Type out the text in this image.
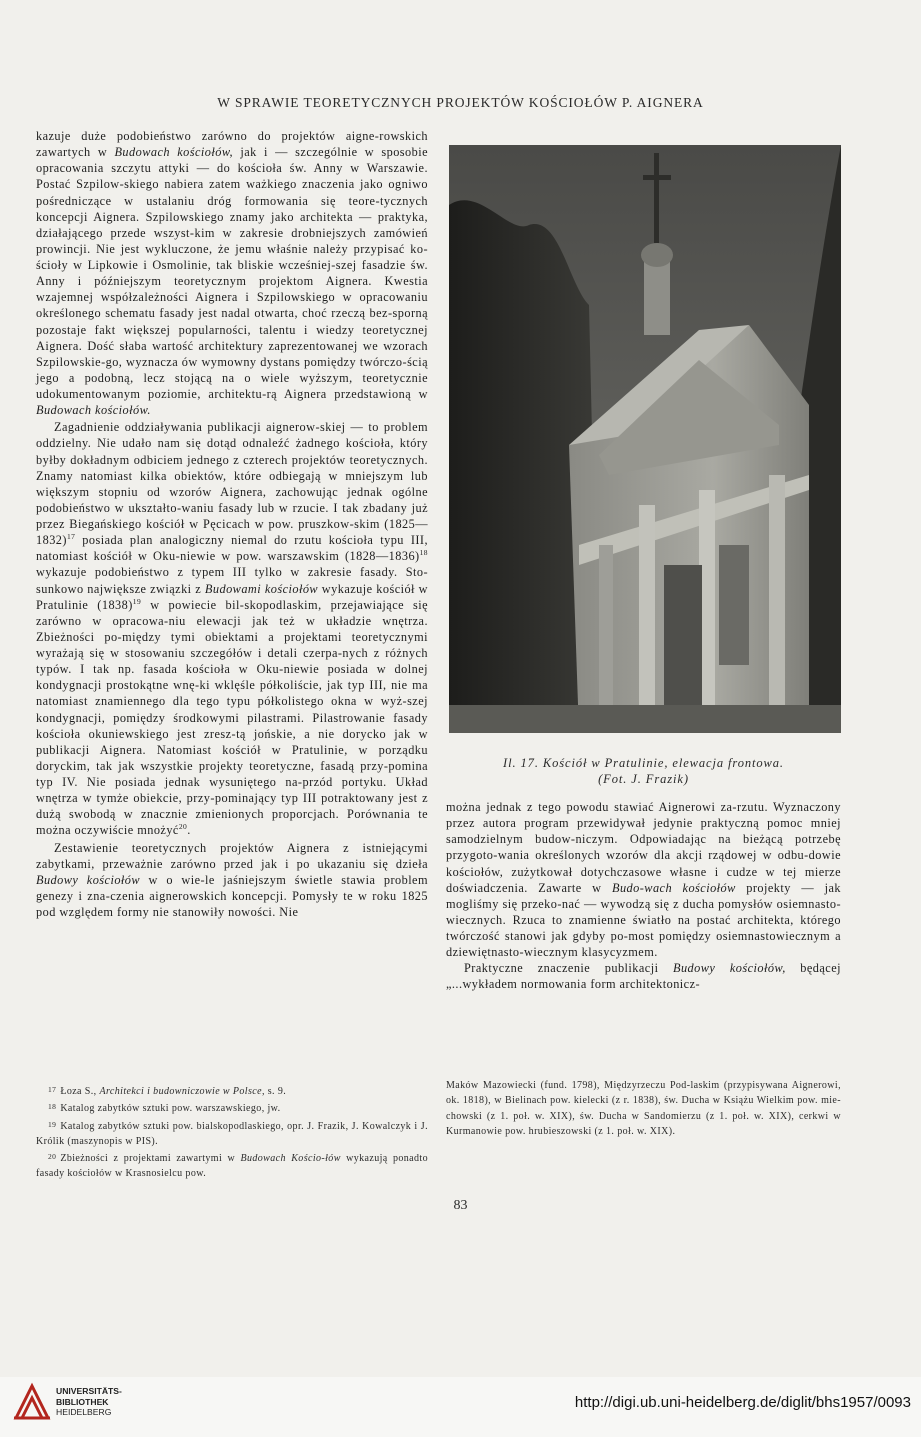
W SPRAWIE TEORETYCZNYCH PROJEKTÓW KOŚCIOŁÓW P. AIGNERA

kazuje duże podobieństwo zarówno do projektów aigne-rowskich zawartych w Budowach kościołów, jak i — szczególnie w sposobie opracowania szczytu attyki — do kościoła św. Anny w Warszawie. Postać Szpilow-skiego nabiera zatem ważkiego znaczenia jako ogniwo pośredniczące w ustalaniu dróg formowania się teore-tycznych koncepcji Aignera. Szpilowskiego znamy jako architekta — praktyka, działającego przede wszyst-kim w zakresie drobniejszych zamówień prowincji. Nie jest wykluczone, że jemu właśnie należy przypisać ko-ścioły w Lipkowie i Osmolinie, tak bliskie wcześniej-szej fasadzie św. Anny i późniejszym teoretycznym projektom Aignera. Kwestia wzajemnej współzależności Aignera i Szpilowskiego w opracowaniu określonego schematu fasady jest nadal otwarta, choć rzeczą bez-sporną pozostaje fakt większej popularności, talentu i wiedzy teoretycznej Aignera. Dość słaba wartość architektury zaprezentowanej we wzorach Szpilowskie-go, wyznacza ów wymowny dystans pomiędzy twórczo-ścią jego a podobną, lecz stojącą na o wiele wyższym, teoretycznie udokumentowanym poziomie, architektu-rą Aignera przedstawioną w Budowach kościołów.

Zagadnienie oddziaływania publikacji aignerow-skiej — to problem oddzielny. Nie udało nam się dotąd odnaleźć żadnego kościoła, który byłby dokładnym odbiciem jednego z czterech projektów teoretycznych. Znamy natomiast kilka obiektów, które odbiegają w mniejszym lub większym stopniu od wzorów Aignera, zachowując jednak ogólne podobieństwo w ukształto-waniu fasady lub w rzucie. I tak zbadany już przez Biegańskiego kościół w Pęcicach w pow. pruszkow-skim (1825—1832)$^{17}$ posiada plan analogiczny niemal do rzutu kościoła typu III, natomiast kościół w Oku-niewie w pow. warszawskim (1828—1836)$^{18}$ wykazuje podobieństwo z typem III tylko w zakresie fasady. Sto-sunkowo największe związki z Budowami kościołów wykazuje kościół w Pratulinie $(1838)^{19}$ w powiecie bil-skopodlaskim, przejawiające się zarówno w opracowa-niu elewacji jak też w układzie wnętrza. Zbieżności po-między tymi obiektami a projektami teoretycznymi wyrażają się w stosowaniu szczegółów i detali czerpa-nych z różnych typów. I tak np. fasada kościoła w Oku-niewie posiada w dolnej kondygnacji prostokątne wnę-ki wklęśle półkoliście, jak typ III, nie ma natomiast znamiennego dla tego typu półkolistego okna w wyż-szej kondygnacji, pomiędzy środkowymi pilastrami. Pilastrowanie fasady kościoła okuniewskiego jest zresz-tą jońskie, a nie dorycko jak w publikacji Aignera. Natomiast kościół w Pratulinie, w porządku doryckim, tak jak wszystkie projekty teoretyczne, fasadą przy-pomina typ IV. Nie posiada jednak wysuniętego na-przód portyku. Układ wnętrza w tymże obiekcie, przy-pominający typ III potraktowany jest z dużą swobodą w znacznie zmienionych proporcjach. Porównania te można oczywiście mnożyć$^{20}$.

Zestawienie teoretycznych projektów Aignera z istniejącymi zabytkami, przeważnie zarówno przed jak i po ukazaniu się dzieła Budowy kościołów w o wie-le jaśniejszym świetle stawia problem genezy i zna-czenia aignerowskich koncepcji. Pomysły te w roku 1825 pod względem formy nie stanowiły nowości. Nie

Il. 17. Kościół w Pratulinie, elewacja frontowa.
(Fot. J. Frazik)

można jednak z tego powodu stawiać Aignerowi za-rzutu. Wyznaczony przez autora program przewidywał jedynie praktyczną pomoc mniej samodzielnym budow-niczym. Odpowiadając na bieżącą potrzebę przygoto-wania określonych wzorów dla akcji rządowej w odbu-dowie kościołów, zużytkował dotychczasowe własne i cudze w tej mierze doświadczenia. Zawarte w Budo-wach kościołów projekty — jak mogliśmy się przeko-nać — wywodzą się z ducha pomysłów osiemnasto-wiecznych. Rzuca to znamienne światło na postać architekta, którego twórczość stanowi jak gdyby po-most pomiędzy osiemnastowiecznym a dziewiętnasto-wiecznym klasycyzmem.

Praktyczne znaczenie publikacji Budowy kościołów, będącej „...wykładem normowania form architektonicz-

$^{17}$ Łoza S., Architekci i budowniczowie w Polsce, s. 9.

$^{18}$ Katalog zabytków sztuki pow. warszawskiego, jw.

$^{19}$ Katalog zabytków sztuki pow. bialskopodlaskiego, opr. J. Frazik, J. Kowalczyk i J. Królik (maszynopis w PIS).

$^{20}$ Zbieżności z projektami zawartymi w Budowach Kościo-łów wykazują ponadto fasady kościołów w Krasnosielcu pow.

Maków Mazowiecki (fund. 1798), Międzyrzeczu Pod-laskim (przypisywana Aignerowi, ok. 1818), w Bielinach pow. kielecki (z r. 1838), św. Ducha w Książu Wielkim pow. mie-chowski (z 1. poł. w. XIX), św. Ducha w Sandomierzu (z 1. poł. w. XIX), cerkwi w Kurmanowie pow. hrubieszowski (z 1. poł. w. XIX).

83
UNIVERSITÄTS-
BIBLIOTHEK
HEIDELBERG
http://digi.ub.uni-heidelberg.de/diglit/bhs1957/0093
